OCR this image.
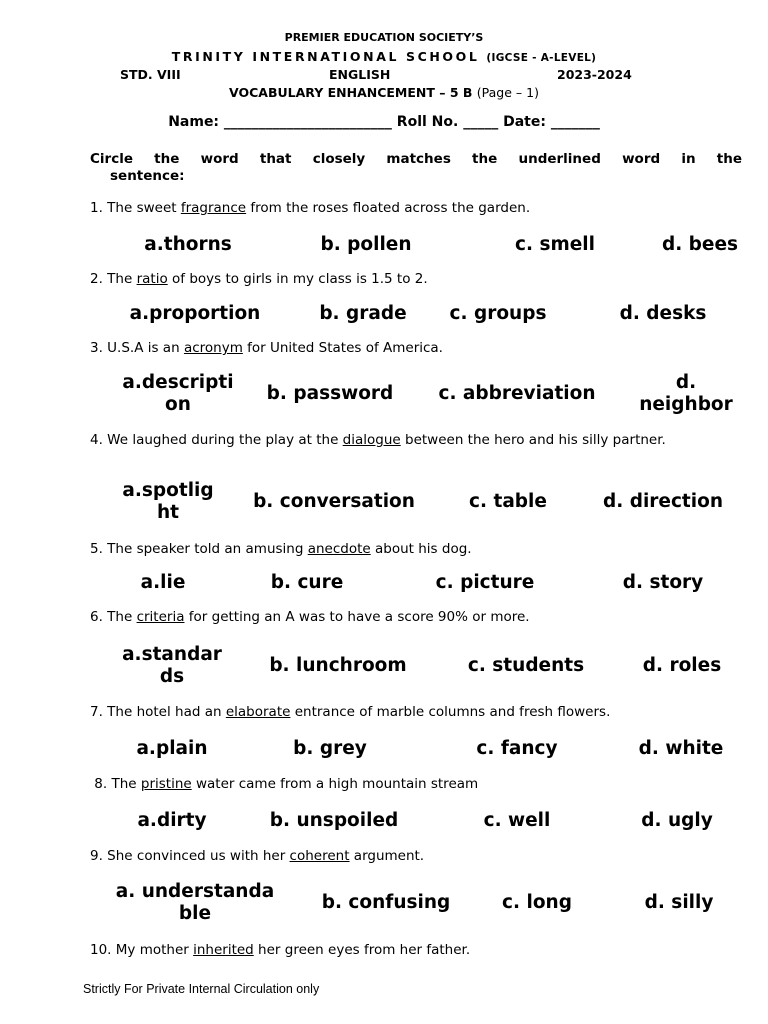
PREMIER EDUCATION SOCIETY’S
TRINITY INTERNATIONAL SCHOOL (IGCSE - A-LEVEL)
STD. VIII	ENGLISH	2023-2024
VOCABULARY ENHANCEMENT – 5 B (Page – 1)
Name: ________________________ Roll No. _____ Date: _______
Circle the word that closely matches the underlined word in the
sentence:
1. The sweet fragrance from the roses floated across the garden.
a.thorns	b. pollen	c. smell	d. bees
2. The ratio of boys to girls in my class is 1.5 to 2.
a.proportion	b. grade	c. groups	d. desks
3. U.S.A is an acronym for United States of America.
a.descripti on
b. password	c. abbreviation
d. neighbor
4. We laughed during the play at the dialogue between the hero and his silly partner.
a.spotlig ht
b. conversation	c. table	d. direction
5. The speaker told an amusing anecdote about his dog.
a.lie	b. cure	c. picture	d. story
6. The criteria for getting an A was to have a score 90% or more.
a.standar ds
b. lunchroom	c. students	d. roles
7. The hotel had an elaborate entrance of marble columns and fresh flowers.
a.plain	b. grey	c. fancy	d. white
8. The pristine water came from a high mountain stream
a.dirty	b. unspoiled	c. well	d. ugly
9. She convinced us with her coherent argument.
a. understanda ble
b. confusing	c. long	d. silly
10. My mother inherited her green eyes from her father.
Strictly For Private Internal Circulation only
